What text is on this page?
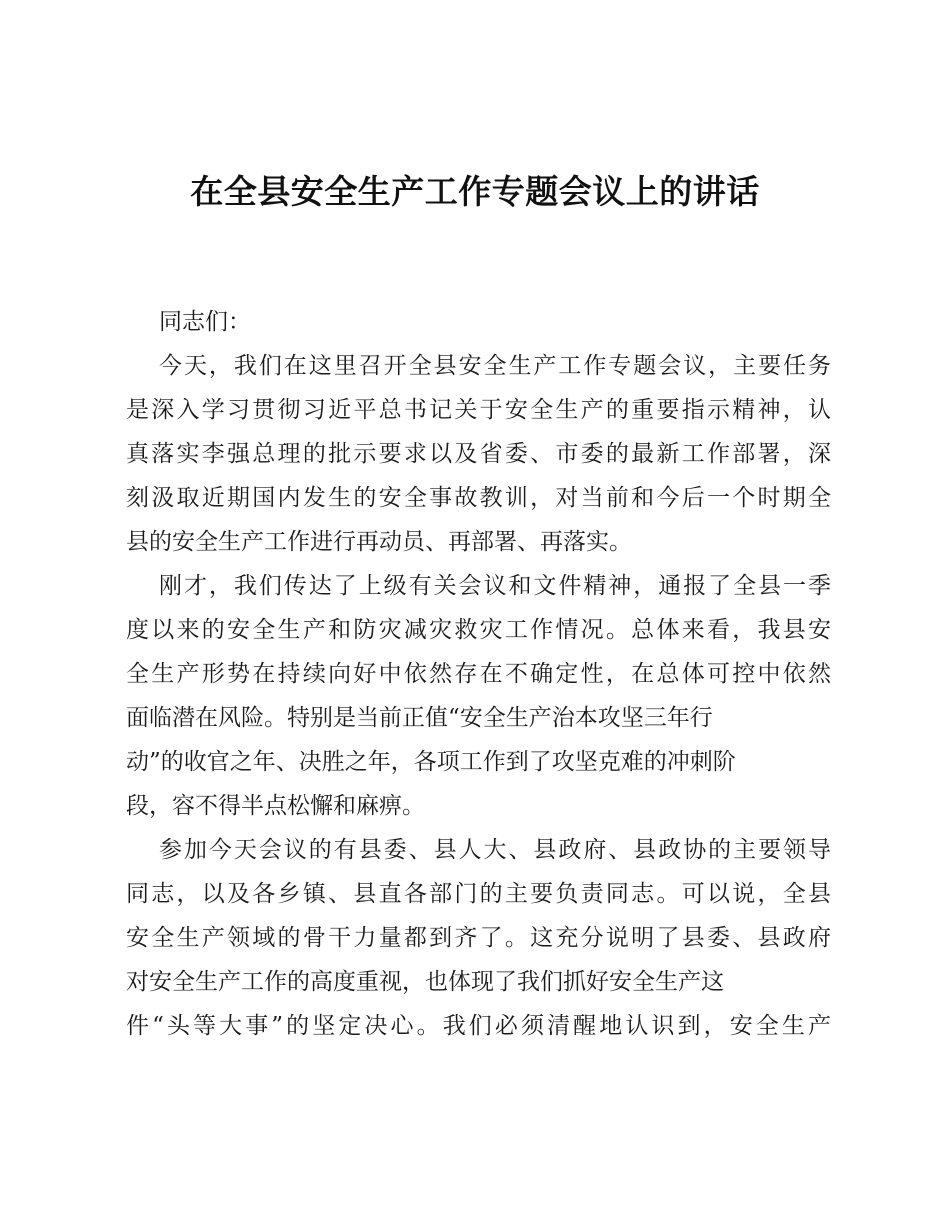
在全县安全生产工作专题会议上的讲话
同志们：
今天，我们在这里召开全县安全生产工作专题会议，主要任务
是深入学习贯彻习近平总书记关于安全生产的重要指示精神，认
真落实李强总理的批示要求以及省委、市委的最新工作部署，深
刻汲取近期国内发生的安全事故教训，对当前和今后一个时期全
县的安全生产工作进行再动员、再部署、再落实。
刚才，我们传达了上级有关会议和文件精神，通报了全县一季
度以来的安全生产和防灾减灾救灾工作情况。总体来看，我县安
全生产形势在持续向好中依然存在不确定性，在总体可控中依然
面临潜在风险。特别是当前正值“安全生产治本攻坚三年行
动”的收官之年、决胜之年，各项工作到了攻坚克难的冲刺阶
段，容不得半点松懈和麻痹。
参加今天会议的有县委、县人大、县政府、县政协的主要领导
同志，以及各乡镇、县直各部门的主要负责同志。可以说，全县
安全生产领域的骨干力量都到齐了。这充分说明了县委、县政府
对安全生产工作的高度重视，也体现了我们抓好安全生产这
件“头等大事”的坚定决心。我们必须清醒地认识到，安全生产
